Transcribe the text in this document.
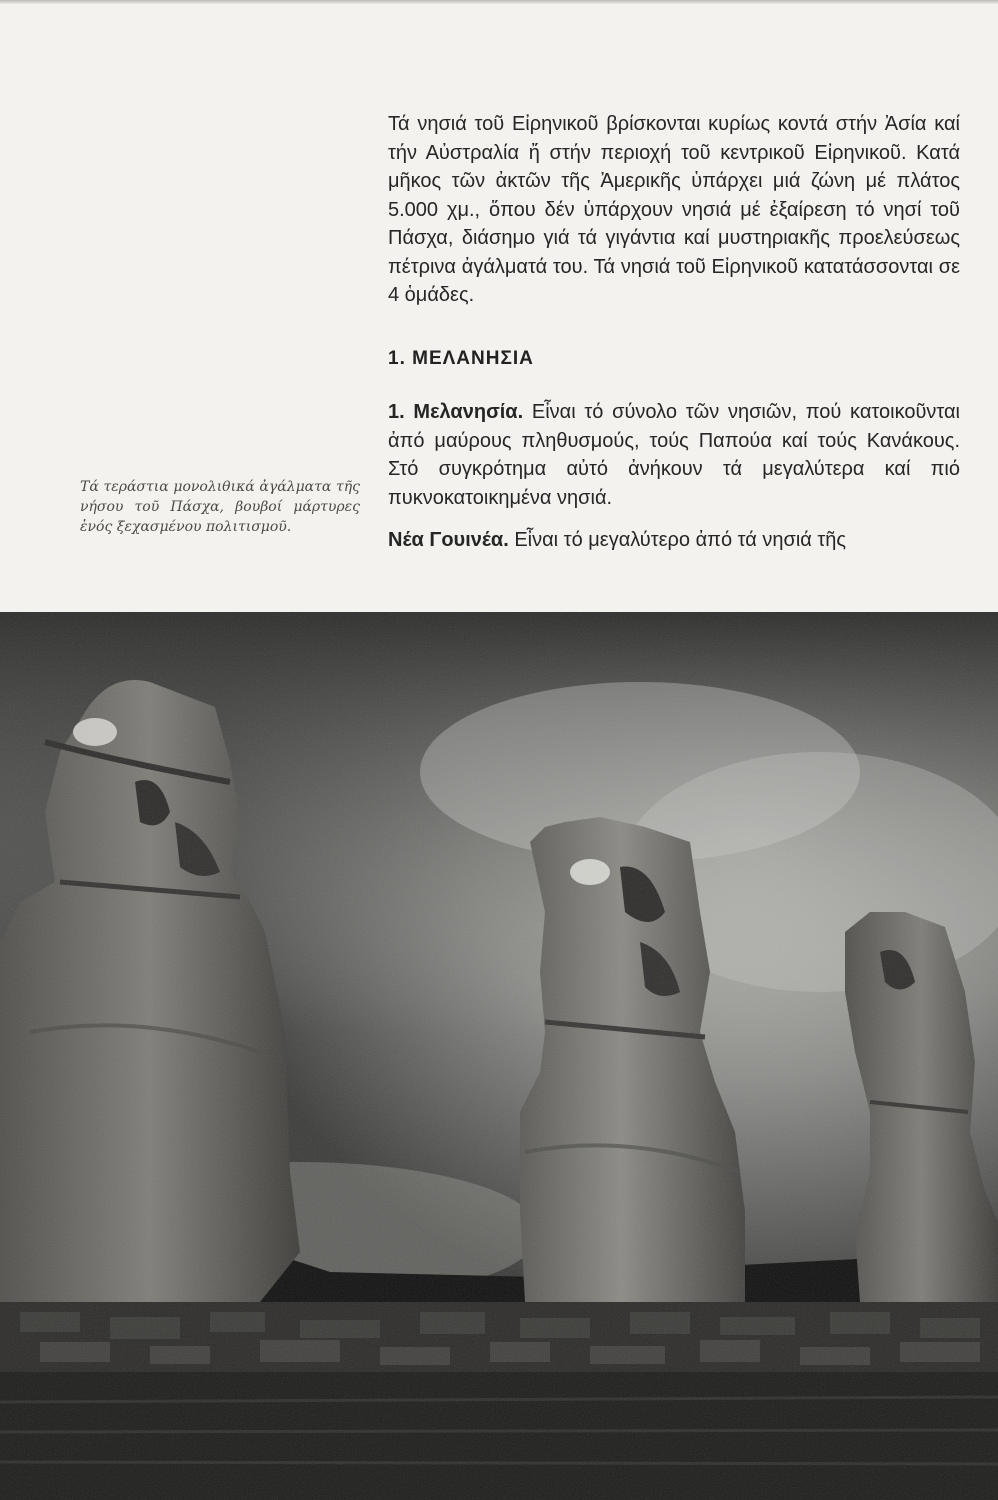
Τά νησιά τοῦ Εἰρηνικοῦ βρίσκονται κυρίως κοντά στήν Ἀσία καί τήν Αὐστραλία ἤ στήν περιοχή τοῦ κεντρικοῦ Εἰρηνικοῦ. Κατά μῆκος τῶν ἀκτῶν τῆς Ἀμερικῆς ὑπάρχει μιά ζώνη μέ πλάτος 5.000 χμ., ὅπου δέν ὑπάρχουν νησιά μέ ἐξαίρεση τό νησί τοῦ Πάσχα, διάσημο γιά τά γιγάντια καί μυστηριακῆς προελεύσεως πέτρινα ἀγάλματά του. Τά νησιά τοῦ Εἰρηνικοῦ κατατάσσονται σε 4 ὁμάδες.

1. ΜΕΛΑΝΗΣΙΑ

1. Μελανησία. Εἶναι τό σύνολο τῶν νησιῶν, πού κατοικοῦνται ἀπό μαύρους πληθυσμούς, τούς Παπούα καί τούς Κανάκους. Στό συγκρότημα αὐτό ἀνήκουν τά μεγαλύτερα καί πιό πυκνοκατοικημένα νησιά.

Νέα Γουινέα. Εἶναι τό μεγαλύτερο ἀπό τά νησιά τῆς

Τά τεράστια μονολιθικά ἀγάλματα τῆς νήσου τοῦ Πάσχα, βουβοί μάρτυρες ἑνός ξεχασμένου πολιτισμοῦ.
